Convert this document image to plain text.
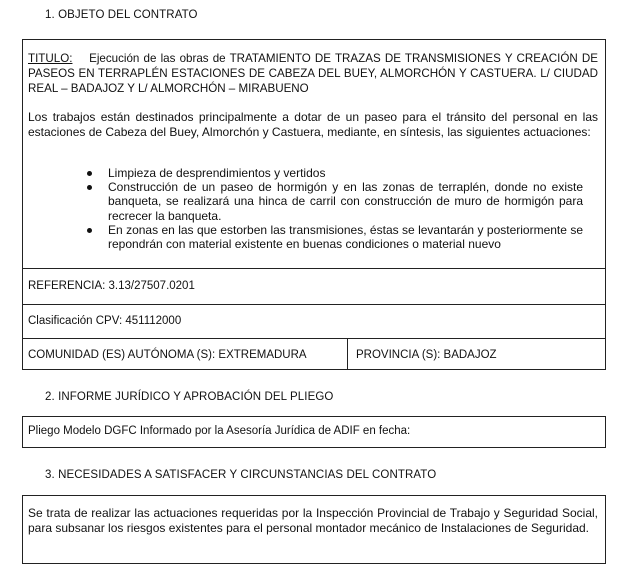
1. OBJETO DEL CONTRATO
TITULO: Ejecución de las obras de TRATAMIENTO DE TRAZAS DE TRANSMISIONES Y CREACIÓN DE PASEOS EN TERRAPLÉN ESTACIONES DE CABEZA DEL BUEY, ALMORCHÓN Y CASTUERA. L/ CIUDAD REAL – BADAJOZ Y L/ ALMORCHÓN – MIRABUENO
Los trabajos están destinados principalmente a dotar de un paseo para el tránsito del personal en las estaciones de Cabeza del Buey, Almorchón y Castuera, mediante, en síntesis, las siguientes actuaciones:
Limpieza de desprendimientos y vertidos
Construcción de un paseo de hormigón y en las zonas de terraplén, donde no existe banqueta, se realizará una hinca de carril con construcción de muro de hormigón para recrecer la banqueta.
En zonas en las que estorben las transmisiones, éstas se levantarán y posteriormente se repondrán con material existente en buenas condiciones o material nuevo
REFERENCIA: 3.13/27507.0201
Clasificación CPV: 451112000
COMUNIDAD (ES) AUTÓNOMA (S): EXTREMADURA	PROVINCIA (S): BADAJOZ
2. INFORME JURÍDICO Y APROBACIÓN DEL PLIEGO
Pliego Modelo DGFC Informado por la Asesoría Jurídica de ADIF en fecha:
3. NECESIDADES A SATISFACER Y CIRCUNSTANCIAS DEL CONTRATO
Se trata de realizar las actuaciones requeridas por la Inspección Provincial de Trabajo y Seguridad Social, para subsanar los riesgos existentes para el personal montador mecánico de Instalaciones de Seguridad.
